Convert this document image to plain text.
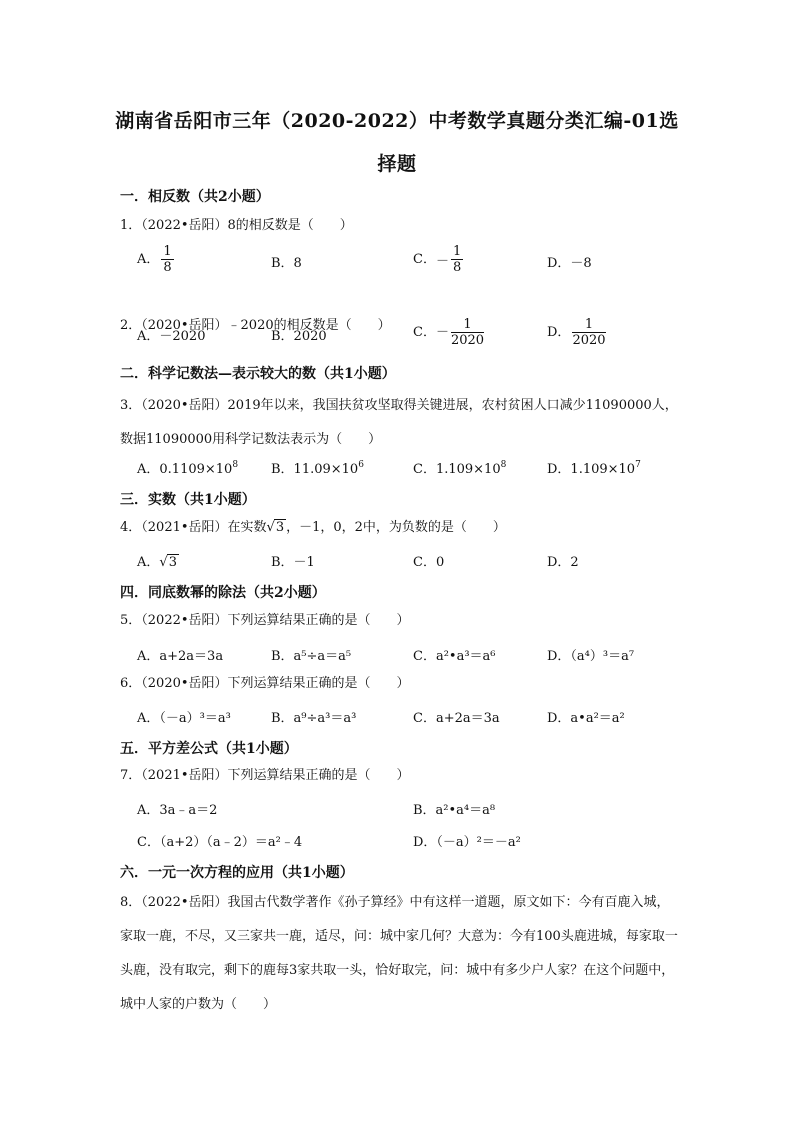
湖南省岳阳市三年（2020-2022）中考数学真题分类汇编-01选择题
一．相反数（共2小题）
1．（2022•岳阳）8的相反数是（　　）
A． $\frac{1}{8}$	B．8	C．－ $\frac{1}{8}$	D．－8
2．（2020•岳阳）﹣2020的相反数是（　　）
A．－2020	B．2020	C．－ $\frac{1}{2020}$	D． $\frac{1}{2020}$
二．科学记数法—表示较大的数（共1小题）
3．（2020•岳阳）2019年以来，我国扶贫攻坚取得关键进展，农村贫困人口减少11090000人，数据11090000用科学记数法表示为（　　）
A．$0.1109\times 10^8$	B．$11.09\times 10^6$	C．$1.109\times 10^8$	D．$1.109\times 10^7$
三．实数（共1小题）
4．（2021•岳阳）在实数√3 ，－1，0，2中，为负数的是（　　）
A．√3	B．－1	C．0	D．2
四．同底数幂的除法（共2小题）
5．（2022•岳阳）下列运算结果正确的是（　　）
A．a+2a＝3a	B．a⁵÷a＝a⁵	C．a²•a³＝a⁶	D．（a⁴）³＝a⁷
6．（2020•岳阳）下列运算结果正确的是（　　）
A．（－a）³＝a³	B．a⁹÷a³＝a³	C．a+2a＝3a	D．a•a²＝a²
五．平方差公式（共1小题）
7．（2021•岳阳）下列运算结果正确的是（　　）
A．3a﹣a＝2	B．a²•a⁴＝a⁸
C．（a+2）（a﹣2）＝a²﹣4	D．（－a）²＝－a²
六．一元一次方程的应用（共1小题）
8．（2022•岳阳）我国古代数学著作《孙子算经》中有这样一道题，原文如下：今有百鹿入城，家取一鹿，不尽，又三家共一鹿，适尽，问：城中家几何？大意为：今有100头鹿进城，每家取一头鹿，没有取完，剩下的鹿每3家共取一头，恰好取完，问：城中有多少户人家？在这个问题中，城中人家的户数为（　　）
